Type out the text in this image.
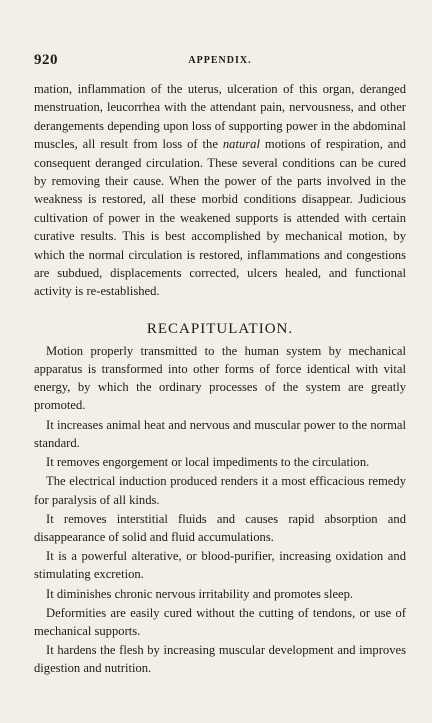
920	APPENDIX.

mation, inflammation of the uterus, ulceration of this organ, deranged menstruation, leucorrhea with the attendant pain, nervousness, and other derangements depending upon loss of supporting power in the abdominal muscles, all result from loss of the natural motions of respiration, and consequent deranged circulation. These several conditions can be cured by removing their cause. When the power of the parts involved in the weakness is restored, all these morbid conditions disappear. Judicious cultivation of power in the weakened supports is attended with certain curative results. This is best accomplished by mechanical motion, by which the normal circulation is restored, inflammations and congestions are subdued, displacements corrected, ulcers healed, and functional activity is re-established.

RECAPITULATION.

Motion properly transmitted to the human system by mechanical apparatus is transformed into other forms of force identical with vital energy, by which the ordinary processes of the system are greatly promoted.

It increases animal heat and nervous and muscular power to the normal standard.

It removes engorgement or local impediments to the circulation.

The electrical induction produced renders it a most efficacious remedy for paralysis of all kinds.

It removes interstitial fluids and causes rapid absorption and disappearance of solid and fluid accumulations.

It is a powerful alterative, or blood-purifier, increasing oxidation and stimulating excretion.

It diminishes chronic nervous irritability and promotes sleep.

Deformities are easily cured without the cutting of tendons, or use of mechanical supports.

It hardens the flesh by increasing muscular development and improves digestion and nutrition.
